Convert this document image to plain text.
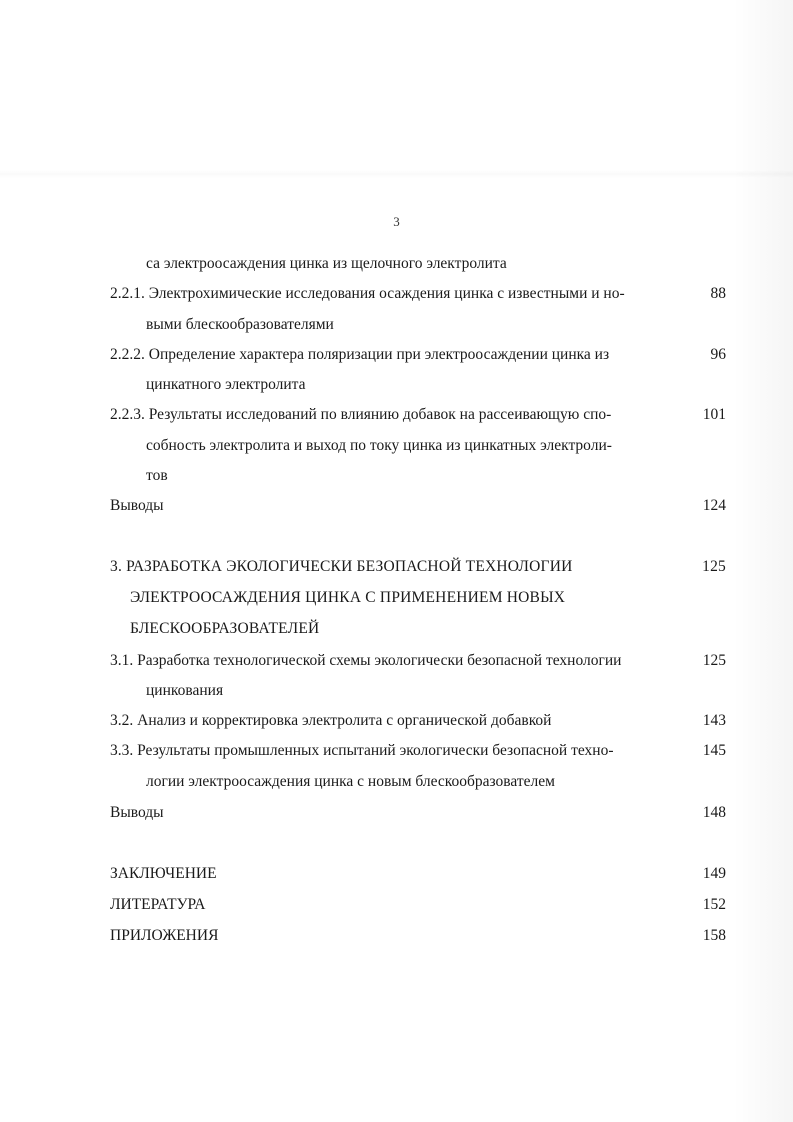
3
са электроосаждения цинка из щелочного электролита
2.2.1. Электрохимические исследования осаждения цинка с известными и но-	88
выми блескообразователями
2.2.2. Определение характера поляризации при электроосаждении цинка из	96
цинкатного электролита
2.2.3. Результаты исследований по влиянию добавок на рассеивающую спо-	101
собность электролита и выход по току цинка из цинкатных электроли-
тов
Выводы	124
3. РАЗРАБОТКА ЭКОЛОГИЧЕСКИ БЕЗОПАСНОЙ ТЕХНОЛОГИИ	125
ЭЛЕКТРООСАЖДЕНИЯ ЦИНКА С ПРИМЕНЕНИЕМ НОВЫХ
БЛЕСКООБРАЗОВАТЕЛЕЙ
3.1. Разработка технологической схемы экологически безопасной технологии	125
цинкования
3.2. Анализ и корректировка электролита с органической добавкой	143
3.3. Результаты промышленных испытаний экологически безопасной техно-	145
логии электроосаждения цинка с новым блескообразователем
Выводы	148
ЗАКЛЮЧЕНИЕ	149
ЛИТЕРАТУРА	152
ПРИЛОЖЕНИЯ	158
